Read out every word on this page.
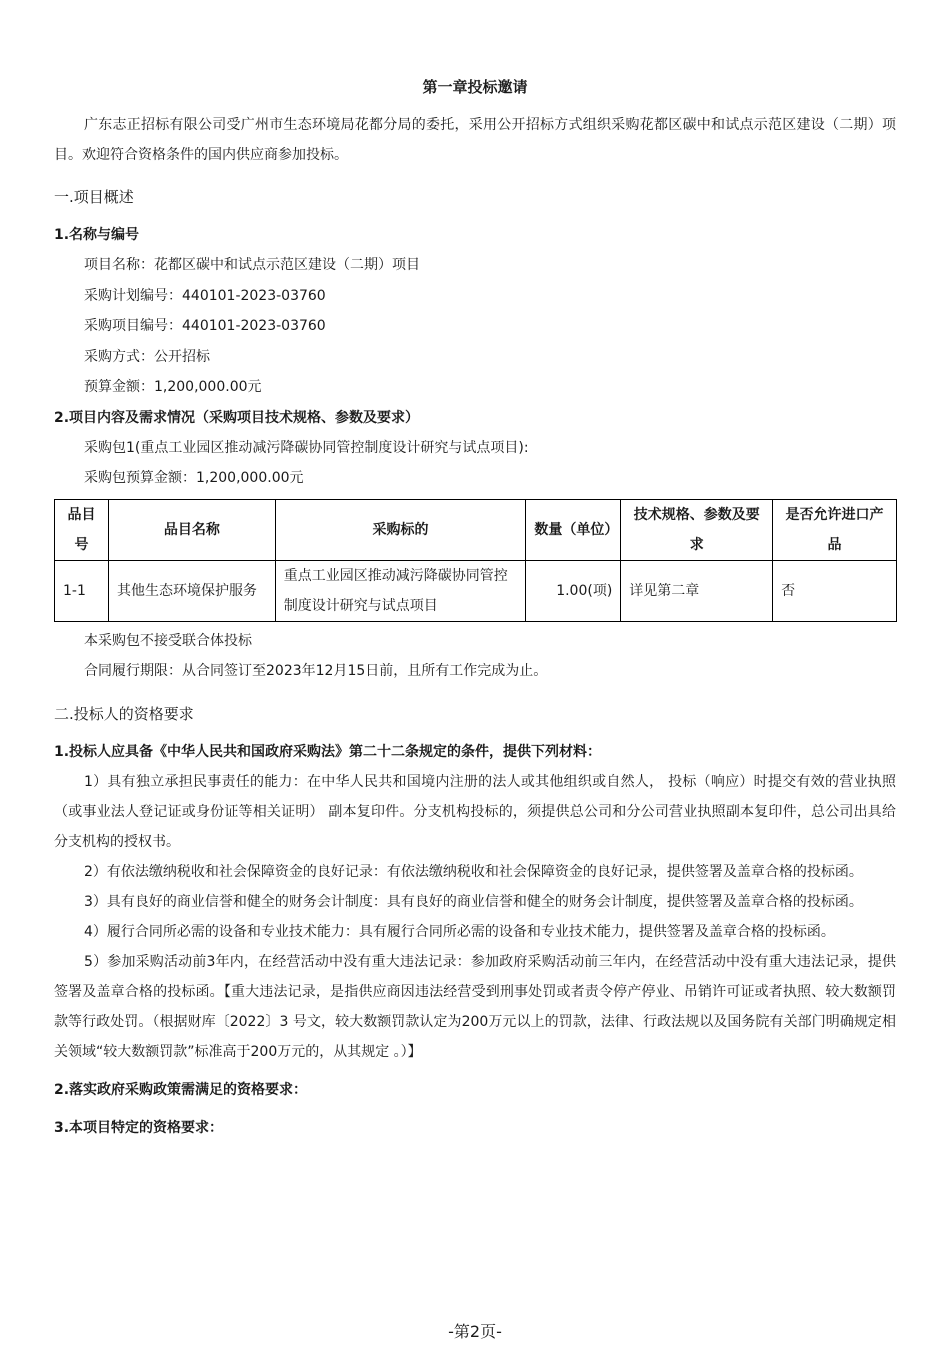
第一章投标邀请

广东志正招标有限公司受广州市生态环境局花都分局的委托，采用公开招标方式组织采购花都区碳中和试点示范区建设（二期）项目。欢迎符合资格条件的国内供应商参加投标。

一.项目概述

1.名称与编号

项目名称：花都区碳中和试点示范区建设（二期）项目

采购计划编号：440101-2023-03760

采购项目编号：440101-2023-03760

采购方式：公开招标

预算金额：1,200,000.00元

2.项目内容及需求情况（采购项目技术规格、参数及要求）

采购包1(重点工业园区推动减污降碳协同管控制度设计研究与试点项目):

采购包预算金额：1,200,000.00元

品目号	品目名称	采购标的	数量（单位）	技术规格、参数及要求	是否允许进口产品
1-1	其他生态环境保护服务	重点工业园区推动减污降碳协同管控制度设计研究与试点项目	1.00(项)	详见第二章	否

本采购包不接受联合体投标

合同履行期限：从合同签订至2023年12月15日前，且所有工作完成为止。

二.投标人的资格要求

1.投标人应具备《中华人民共和国政府采购法》第二十二条规定的条件，提供下列材料：

1）具有独立承担民事责任的能力：在中华人民共和国境内注册的法人或其他组织或自然人， 投标（响应）时提交有效的营业执照（或事业法人登记证或身份证等相关证明） 副本复印件。分支机构投标的，须提供总公司和分公司营业执照副本复印件，总公司出具给分支机构的授权书。

2）有依法缴纳税收和社会保障资金的良好记录：有依法缴纳税收和社会保障资金的良好记录，提供签署及盖章合格的投标函。

3）具有良好的商业信誉和健全的财务会计制度：具有良好的商业信誉和健全的财务会计制度，提供签署及盖章合格的投标函。

4）履行合同所必需的设备和专业技术能力：具有履行合同所必需的设备和专业技术能力，提供签署及盖章合格的投标函。

5）参加采购活动前3年内，在经营活动中没有重大违法记录：参加政府采购活动前三年内，在经营活动中没有重大违法记录，提供签署及盖章合格的投标函。【重大违法记录，是指供应商因违法经营受到刑事处罚或者责令停产停业、吊销许可证或者执照、较大数额罚款等行政处罚。（根据财库〔2022〕3 号文，较大数额罚款认定为200万元以上的罚款，法律、行政法规以及国务院有关部门明确规定相关领域“较大数额罚款”标准高于200万元的，从其规定 。）】

2.落实政府采购政策需满足的资格要求：

3.本项目特定的资格要求：

-第2页-
